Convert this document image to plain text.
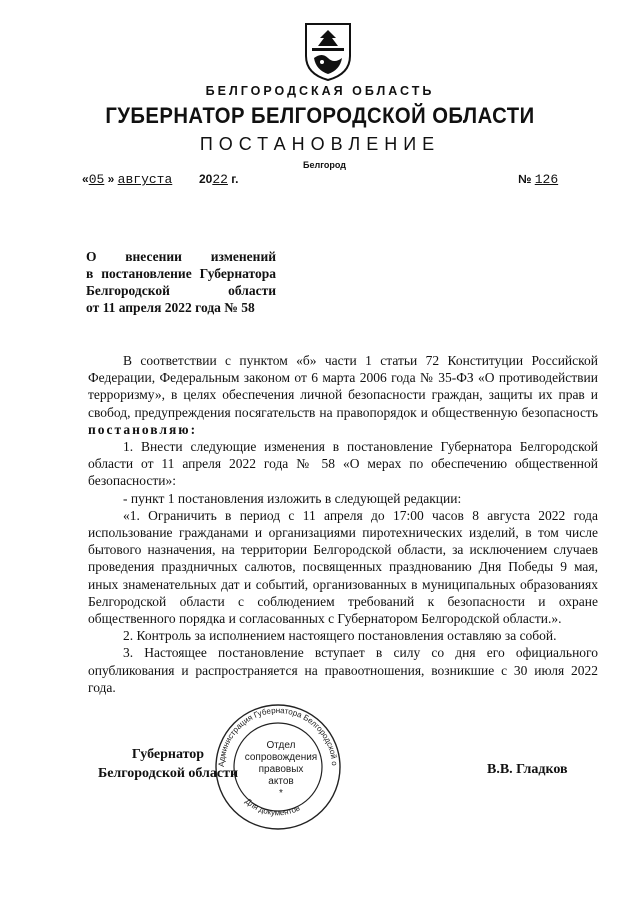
БЕЛГОРОДСКАЯ ОБЛАСТЬ
ГУБЕРНАТОР БЕЛГОРОДСКОЙ ОБЛАСТИ
ПОСТАНОВЛЕНИЕ
Белгород
«05 » августа 2022 г.	№ 126
О внесении изменений
в постановление Губернатора
Белгородской области
от 11 апреля 2022 года № 58

В соответствии с пунктом «б» части 1 статьи 72 Конституции Российской Федерации, Федеральным законом от 6 марта 2006 года № 35-ФЗ «О противодействии терроризму», в целях обеспечения личной безопасности граждан, защиты их прав и свобод, предупреждения посягательств на правопорядок и общественную безопасность постановляю:

1. Внести следующие изменения в постановление Губернатора Белгородской области от 11 апреля 2022 года № 58 «О мерах по обеспечению общественной безопасности»:

- пункт 1 постановления изложить в следующей редакции:

«1. Ограничить в период с 11 апреля до 17:00 часов 8 августа 2022 года использование гражданами и организациями пиротехнических изделий, в том числе бытового назначения, на территории Белгородской области, за исключением случаев проведения праздничных салютов, посвященных празднованию Дня Победы 9 мая, иных знаменательных дат и событий, организованных в муниципальных образованиях Белгородской области с соблюдением требований к безопасности и охране общественного порядка и согласованных с Губернатором Белгородской области.».

2. Контроль за исполнением настоящего постановления оставляю за собой.

3. Настоящее постановление вступает в силу со дня его официального опубликования и распространяется на правоотношения, возникшие с 30 июля 2022 года.

Администрация Губернатора Белгородской о
Для документов
Отдел
сопровождения
правовых
актов
*
Губернатор
Белгородской области	В.В. Гладков
